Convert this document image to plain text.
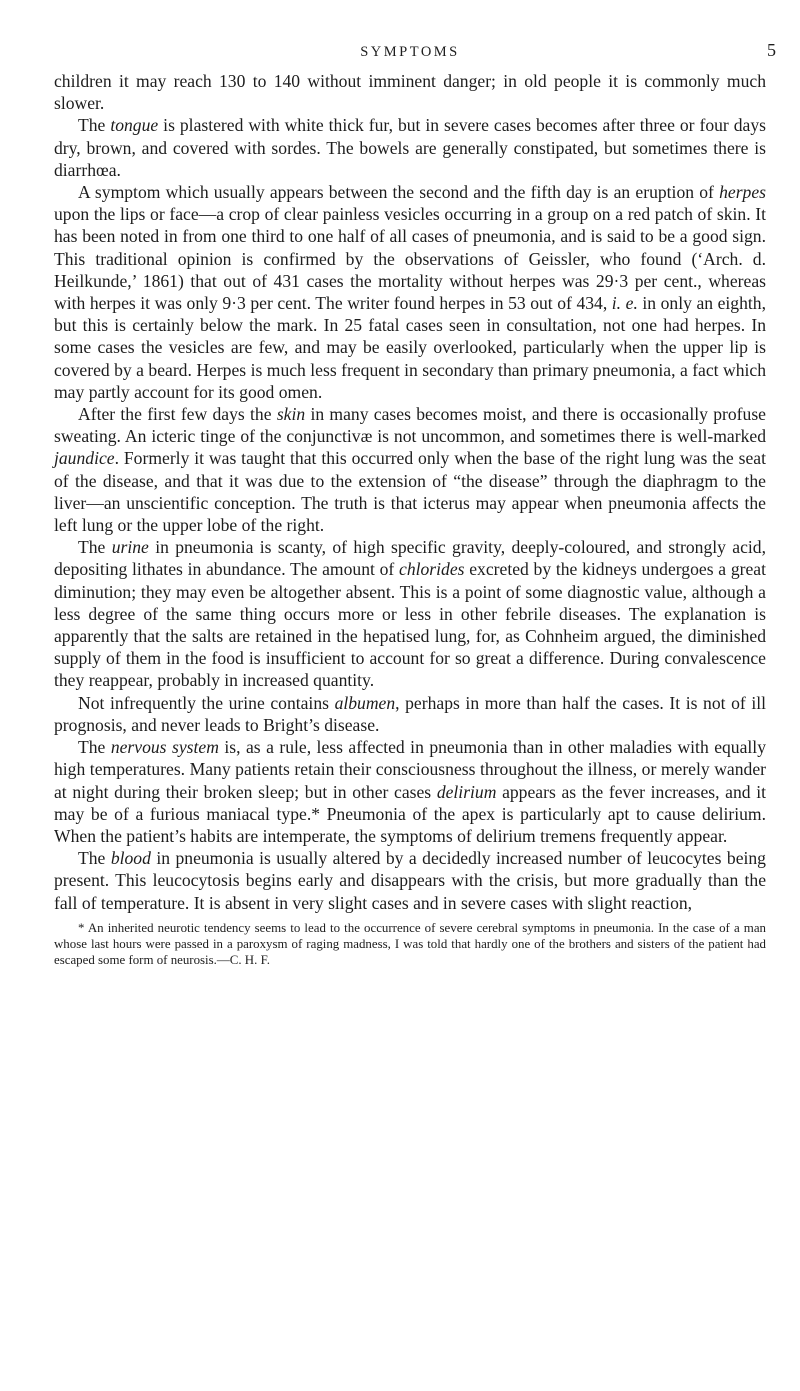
SYMPTOMS	5

children it may reach 130 to 140 without imminent danger; in old people it is commonly much slower.

The tongue is plastered with white thick fur, but in severe cases becomes after three or four days dry, brown, and covered with sordes. The bowels are generally constipated, but sometimes there is diarrhœa.

A symptom which usually appears between the second and the fifth day is an eruption of herpes upon the lips or face—a crop of clear painless vesicles occurring in a group on a red patch of skin. It has been noted in from one third to one half of all cases of pneumonia, and is said to be a good sign. This traditional opinion is confirmed by the observations of Geissler, who found (‘Arch. d. Heilkunde,’ 1861) that out of 431 cases the mortality without herpes was 29·3 per cent., whereas with herpes it was only 9·3 per cent. The writer found herpes in 53 out of 434, i. e. in only an eighth, but this is certainly below the mark. In 25 fatal cases seen in consultation, not one had herpes. In some cases the vesicles are few, and may be easily overlooked, particularly when the upper lip is covered by a beard. Herpes is much less frequent in secondary than primary pneumonia, a fact which may partly account for its good omen.

After the first few days the skin in many cases becomes moist, and there is occasionally profuse sweating. An icteric tinge of the conjunctivæ is not uncommon, and sometimes there is well-marked jaundice. Formerly it was taught that this occurred only when the base of the right lung was the seat of the disease, and that it was due to the extension of “the disease” through the diaphragm to the liver—an unscientific conception. The truth is that icterus may appear when pneumonia affects the left lung or the upper lobe of the right.

The urine in pneumonia is scanty, of high specific gravity, deeply-coloured, and strongly acid, depositing lithates in abundance. The amount of chlorides excreted by the kidneys undergoes a great diminution; they may even be altogether absent. This is a point of some diagnostic value, although a less degree of the same thing occurs more or less in other febrile diseases. The explanation is apparently that the salts are retained in the hepatised lung, for, as Cohnheim argued, the diminished supply of them in the food is insufficient to account for so great a difference. During convalescence they reappear, probably in increased quantity.

Not infrequently the urine contains albumen, perhaps in more than half the cases. It is not of ill prognosis, and never leads to Bright’s disease.

The nervous system is, as a rule, less affected in pneumonia than in other maladies with equally high temperatures. Many patients retain their consciousness throughout the illness, or merely wander at night during their broken sleep; but in other cases delirium appears as the fever increases, and it may be of a furious maniacal type.* Pneumonia of the apex is particularly apt to cause delirium. When the patient’s habits are intemperate, the symptoms of delirium tremens frequently appear.

The blood in pneumonia is usually altered by a decidedly increased number of leucocytes being present. This leucocytosis begins early and disappears with the crisis, but more gradually than the fall of temperature. It is absent in very slight cases and in severe cases with slight reaction,

* An inherited neurotic tendency seems to lead to the occurrence of severe cerebral symptoms in pneumonia. In the case of a man whose last hours were passed in a paroxysm of raging madness, I was told that hardly one of the brothers and sisters of the patient had escaped some form of neurosis.—C. H. F.
